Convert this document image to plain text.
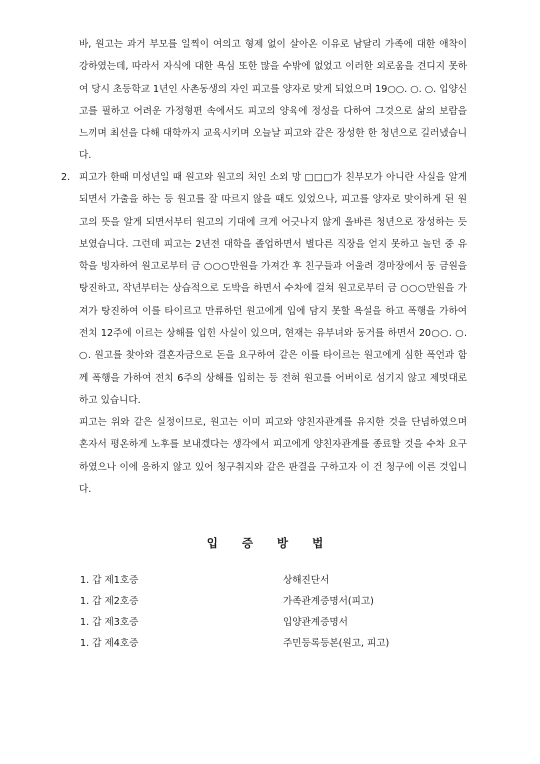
바, 원고는 과거 부모를 일찍이 여의고 형제 없이 살아온 이유로 남달리 가족에 대한 애착이 강하였는데, 따라서 자식에 대한 욕심 또한 많을 수밖에 없었고 이러한 외로움을 견디지 못하여 당시 초등학교 1년인 사촌동생의 자인 피고를 양자로 맞게 되었으며 19○○. ○. ○. 입양신고를 필하고 어려운 가정형편 속에서도 피고의 양육에 정성을 다하여 그것으로 삶의 보람을 느끼며 최선을 다해 대학까지 교육시키며 오늘날 피고와 같은 장성한 한 청년으로 길러냈습니다.
2. 피고가 한때 미성년일 때 원고와 원고의 처인 소외 망 □□□가 친부모가 아니란 사실을 알게 되면서 가출을 하는 등 원고를 잘 따르지 않을 때도 있었으나, 피고를 양자로 맞이하게 된 원고의 뜻을 알게 되면서부터 원고의 기대에 크게 어긋나지 않게 올바른 청년으로 장성하는 듯 보였습니다. 그런데 피고는 2년전 대학을 졸업하면서 별다른 직장을 얻지 못하고 놀던 중 유학을 빙자하여 원고로부터 금 ○○○만원을 가져간 후 친구들과 어울려 경마장에서 동 금원을 탕진하고, 작년부터는 상습적으로 도박을 하면서 수차에 걸쳐 원고로부터 금 ○○○만원을 가져가 탕진하여 이를 타이르고 만류하던 원고에게 입에 담지 못할 욕설을 하고 폭행을 가하여 전치 12주에 이르는 상해를 입힌 사실이 있으며, 현재는 유부녀와 동거를 하면서 20○○. ○. ○. 원고를 찾아와 결혼자금으로 돈을 요구하여 같은 이를 타이르는 원고에게 심한 폭언과 함께 폭행을 가하여 전치 6주의 상해를 입히는 등 전혀 원고를 어버이로 섬기지 않고 제멋대로 하고 있습니다.
피고는 위와 같은 실정이므로, 원고는 이미 피고와 양친자관계를 유지한 것을 단념하였으며 혼자서 평온하게 노후를 보내겠다는 생각에서 피고에게 양친자관계를 종료할 것을 수차 요구하였으나 이에 응하지 않고 있어 청구취지와 같은 판결을 구하고자 이 건 청구에 이른 것입니다.
입 증 방 법
1. 갑 제1호증	상해진단서
1. 갑 제2호증	가족관계증명서(피고)
1. 갑 제3호증	입양관계증명서
1. 갑 제4호증	주민등록등본(원고, 피고)
